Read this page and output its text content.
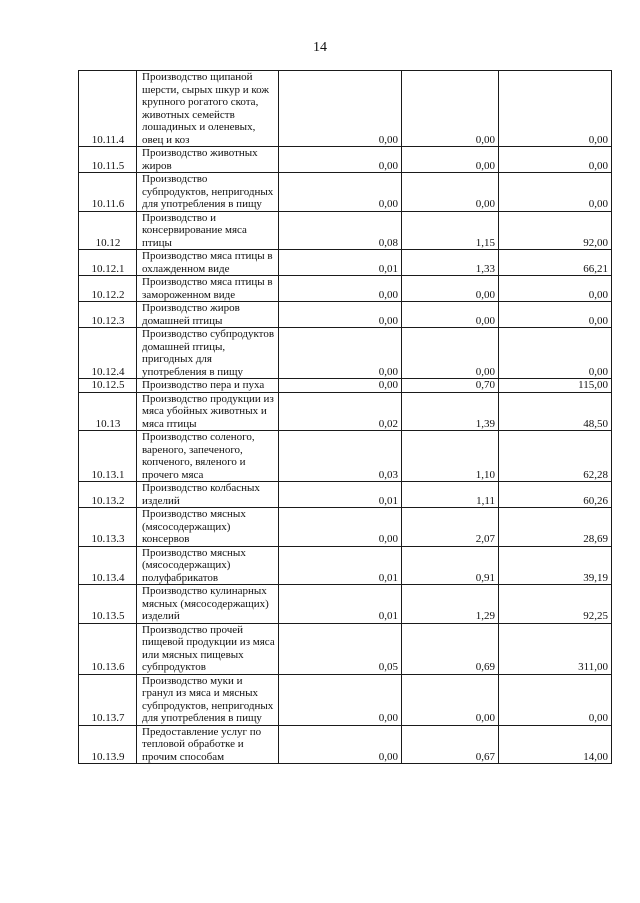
14
10.11.4	Производство щипаной шерсти, сырых шкур и кож крупного рогатого скота, животных семейств лошадиных и оленевых, овец и коз	0,00	0,00	0,00
10.11.5	Производство животных жиров	0,00	0,00	0,00
10.11.6	Производство субпродуктов, непригодных для употребления в пищу	0,00	0,00	0,00
10.12	Производство и консервирование мяса птицы	0,08	1,15	92,00
10.12.1	Производство мяса птицы в охлажденном виде	0,01	1,33	66,21
10.12.2	Производство мяса птицы в замороженном виде	0,00	0,00	0,00
10.12.3	Производство жиров домашней птицы	0,00	0,00	0,00
10.12.4	Производство субпродуктов домашней птицы, пригодных для употребления в пищу	0,00	0,00	0,00
10.12.5	Производство пера и пуха	0,00	0,70	115,00
10.13	Производство продукции из мяса убойных животных и мяса птицы	0,02	1,39	48,50
10.13.1	Производство соленого, вареного, запеченого, копченого, вяленого и прочего мяса	0,03	1,10	62,28
10.13.2	Производство колбасных изделий	0,01	1,11	60,26
10.13.3	Производство мясных (мясосодержащих) консервов	0,00	2,07	28,69
10.13.4	Производство мясных (мясосодержащих) полуфабрикатов	0,01	0,91	39,19
10.13.5	Производство кулинарных мясных (мясосодержащих) изделий	0,01	1,29	92,25
10.13.6	Производство прочей пищевой продукции из мяса или мясных пищевых субпродуктов	0,05	0,69	311,00
10.13.7	Производство муки и гранул из мяса и мясных субпродуктов, непригодных для употребления в пищу	0,00	0,00	0,00
10.13.9	Предоставление услуг по тепловой обработке и прочим способам	0,00	0,67	14,00
